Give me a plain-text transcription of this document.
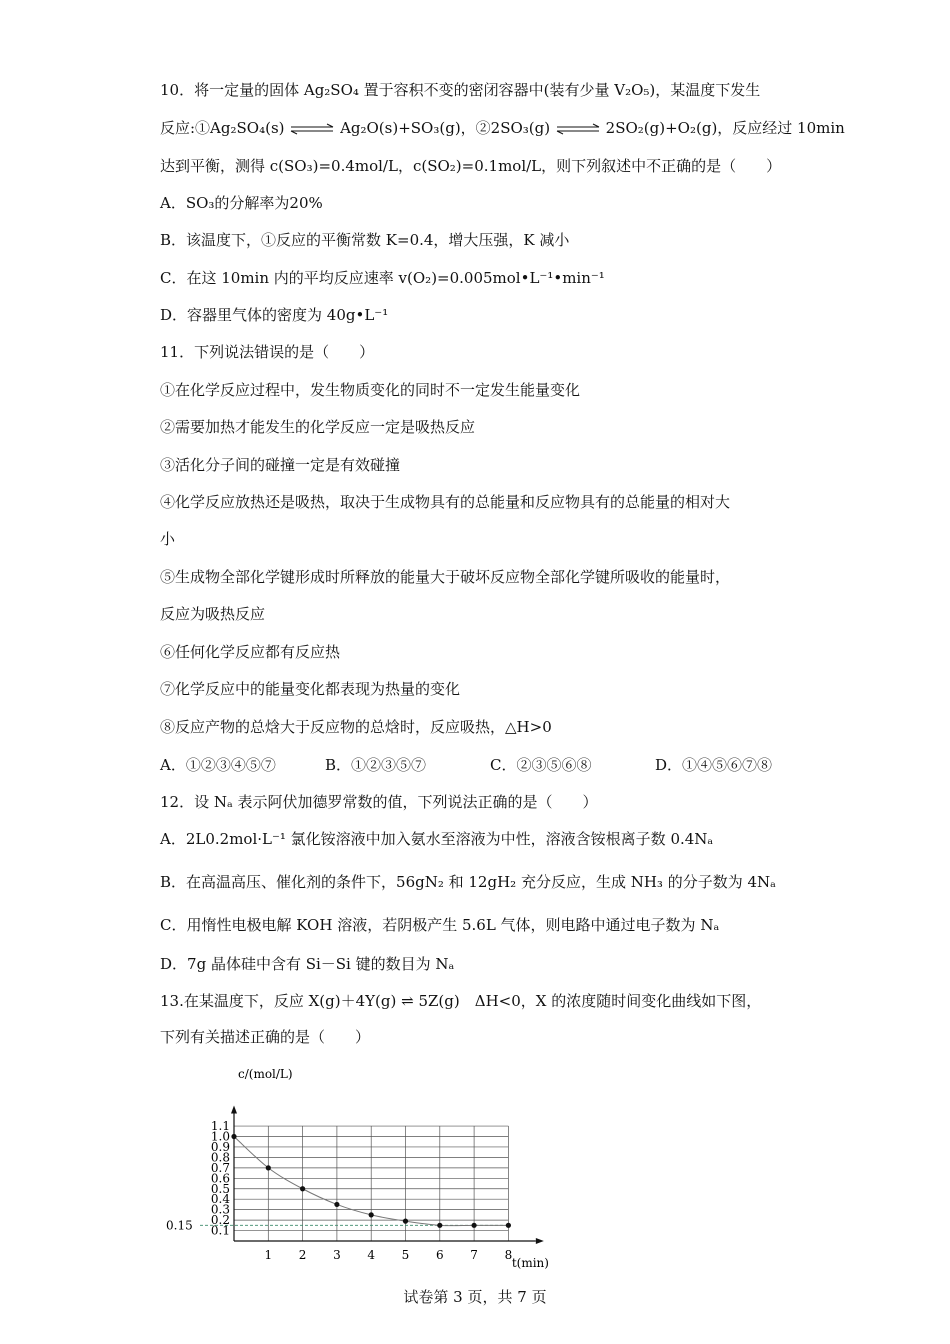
10．将一定量的固体 Ag₂SO₄ 置于容积不变的密闭容器中(装有少量 V₂O₅)，某温度下发生
反应:①Ag₂SO₄(s) ⇌ Ag₂O(s)+SO₃(g)，②2SO₃(g) ⇌ 2SO₂(g)+O₂(g)，反应经过 10min
达到平衡，测得 c(SO₃)=0.4mol/L，c(SO₂)=0.1mol/L，则下列叙述中不正确的是（　　）
A．SO₃的分解率为20%
B．该温度下，①反应的平衡常数 K=0.4，增大压强，K 减小
C．在这 10min 内的平均反应速率 v(O₂)=0.005mol•L⁻¹•min⁻¹
D．容器里气体的密度为 40g•L⁻¹
11．下列说法错误的是（　　）
①在化学反应过程中，发生物质变化的同时不一定发生能量变化
②需要加热才能发生的化学反应一定是吸热反应
③活化分子间的碰撞一定是有效碰撞
④化学反应放热还是吸热，取决于生成物具有的总能量和反应物具有的总能量的相对大
小
⑤生成物全部化学键形成时所释放的能量大于破坏反应物全部化学键所吸收的能量时，
反应为吸热反应
⑥任何化学反应都有反应热
⑦化学反应中的能量变化都表现为热量的变化
⑧反应产物的总焓大于反应物的总焓时，反应吸热，△H>0
A．①②③④⑤⑦	B．①②③⑤⑦	C．②③⑤⑥⑧	D．①④⑤⑥⑦⑧
12．设 Nₐ 表示阿伏加德罗常数的值，下列说法正确的是（　　）
A．2L0.2mol·L⁻¹ 氯化铵溶液中加入氨水至溶液为中性，溶液含铵根离子数 0.4Nₐ
B．在高温高压、催化剂的条件下，56gN₂ 和 12gH₂ 充分反应，生成 NH₃ 的分子数为 4Nₐ
C．用惰性电极电解 KOH 溶液，若阴极产生 5.6L 气体，则电路中通过电子数为 Nₐ
D．7g 晶体硅中含有 Si－Si 键的数目为 Nₐ
13.在某温度下，反应 X(g)＋4Y(g) ⇌ 5Z(g)　ΔH<0，X 的浓度随时间变化曲线如下图，
下列有关描述正确的是（　　）
1 2 3 4 5 6 7 8
1.1
1.0
0.9
0.8
0.7
0.6
0.5
0.4
0.3
0.2
0.1
c/(mol/L)
t(min)
0.15
试卷第 3 页，共 7 页
